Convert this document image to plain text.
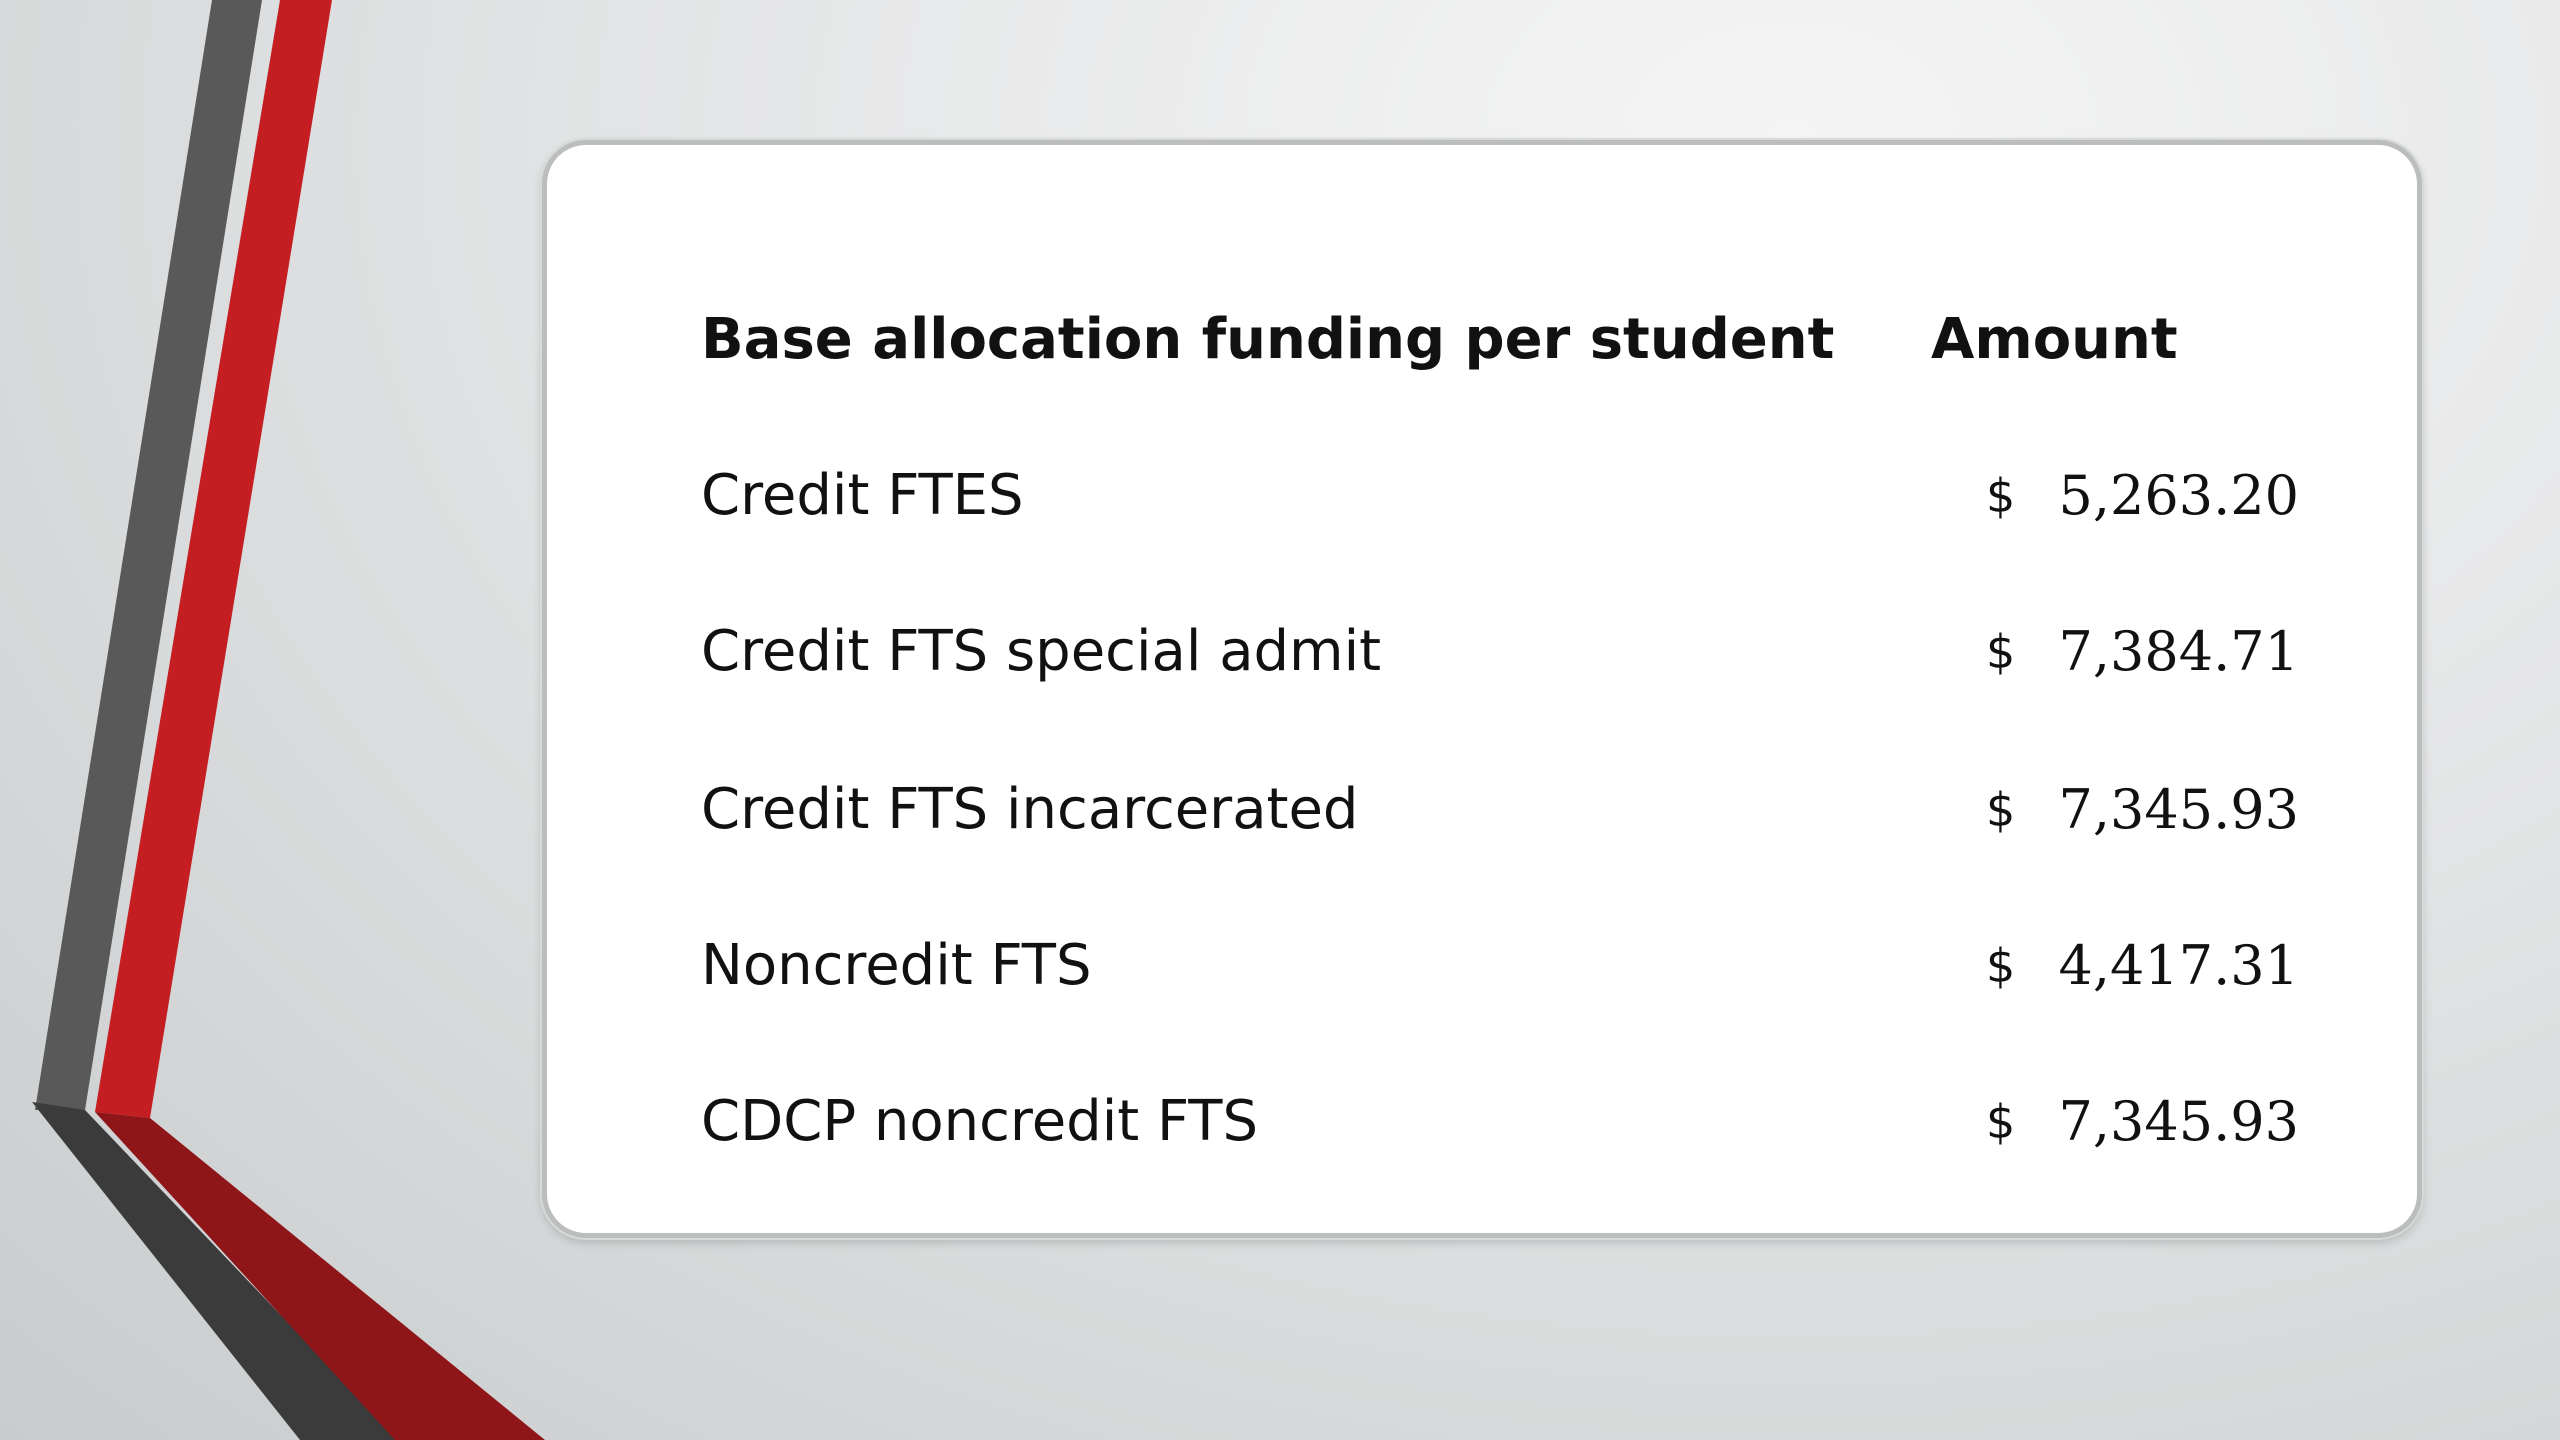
Base allocation funding per student Amount
Credit FTES	$ 5,263.20
Credit FTS special admit	$ 7,384.71
Credit FTS incarcerated	$ 7,345.93
Noncredit FTS	$ 4,417.31
CDCP noncredit FTS	$ 7,345.93
